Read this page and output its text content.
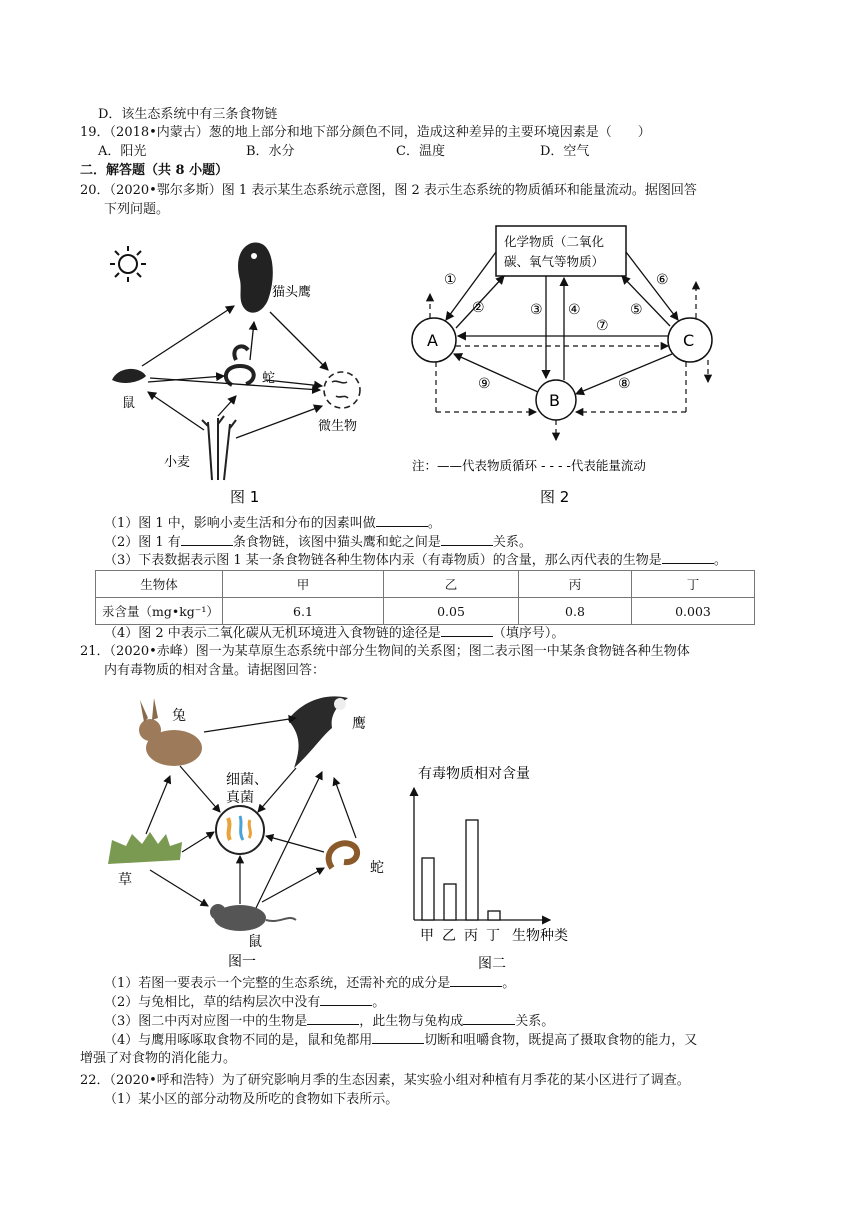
D．该生态系统中有三条食物链
19．（2018•内蒙古）葱的地上部分和地下部分颜色不同，造成这种差异的主要环境因素是（　　）
A．阳光	B．水分	C．温度	D．空气
二．解答题（共 8 小题）
20．（2020•鄂尔多斯）图 1 表示某生态系统示意图，图 2 表示生态系统的物质循环和能量流动。据图回答
下列问题。
猫头鹰
蛇
鼠
微生物
小麦
图 1
化学物质（二氧化
碳、氧气等物质）
A	C
B
①
②	③ ④	⑤
⑥
⑦
⑧
⑨
注：——代表物质循环 - - - -代表能量流动
图 2
（1）图 1 中，影响小麦生活和分布的因素叫做	。
（2）图 1 有	条食物链，该图中猫头鹰和蛇之间是	关系。
（3）下表数据表示图 1 某一条食物链各种生物体内汞（有毒物质）的含量，那么丙代表的生物是	。
生物体	甲	乙	丙	丁
汞含量（mg•kg⁻¹）	6.1	0.05	0.8	0.003
（4）图 2 中表示二氧化碳从无机环境进入食物链的途径是	（填序号）。
21．（2020•赤峰）图一为某草原生态系统中部分生物间的关系图；图二表示图一中某条食物链各种生物体
内有毒物质的相对含量。请据图回答：
兔	鹰
细菌、
真菌
草
蛇
鼠
图一
有毒物质相对含量
甲 乙 丙 丁 生物种类
图二
（1）若图一要表示一个完整的生态系统，还需补充的成分是	。
（2）与兔相比，草的结构层次中没有	。
（3）图二中丙对应图一中的生物是	，此生物与兔构成	关系。
（4）与鹰用啄啄取食物不同的是，鼠和兔都用	切断和咀嚼食物，既提高了摄取食物的能力，又
增强了对食物的消化能力。
22．（2020•呼和浩特）为了研究影响月季的生态因素，某实验小组对种植有月季花的某小区进行了调查。
（1）某小区的部分动物及所吃的食物如下表所示。
